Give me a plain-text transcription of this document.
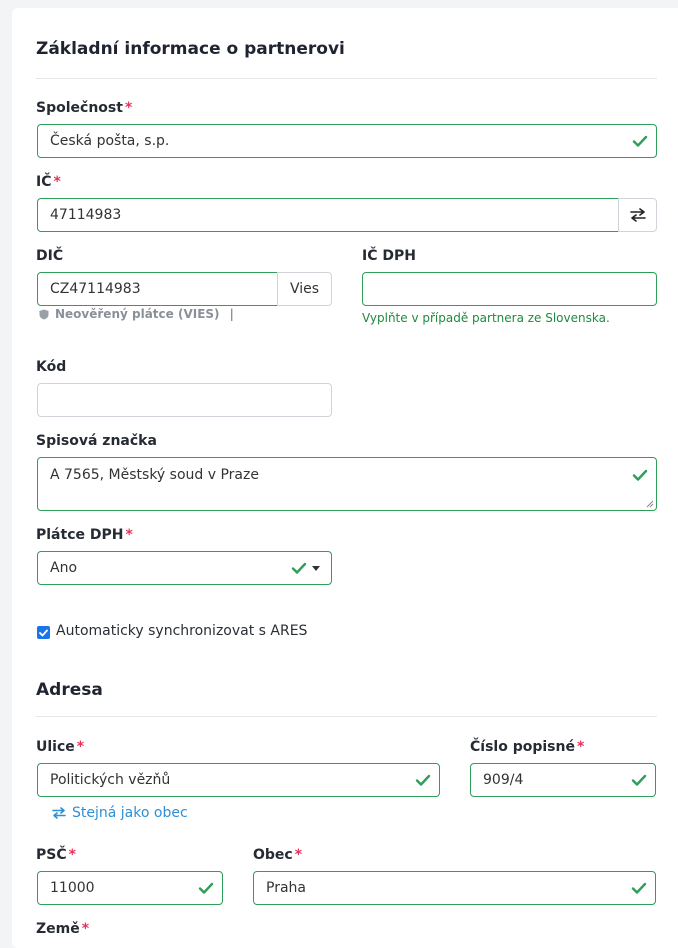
Základní informace o partnerovi
Společnost *
Česká pošta, s.p.
IČ *
47114983
DIČ
CZ47114983	Vies
Neověřený plátce (VIES) |
IČ DPH
Vyplňte v případě partnera ze Slovenska.
Kód
Spisová značka
A 7565, Městský soud v Praze
Plátce DPH *
Ano
Automaticky synchronizovat s ARES
Adresa
Ulice *
Politických vězňů
Stejná jako obec
Číslo popisné *
909/4
PSČ *
11000
Obec *
Praha
Země *
